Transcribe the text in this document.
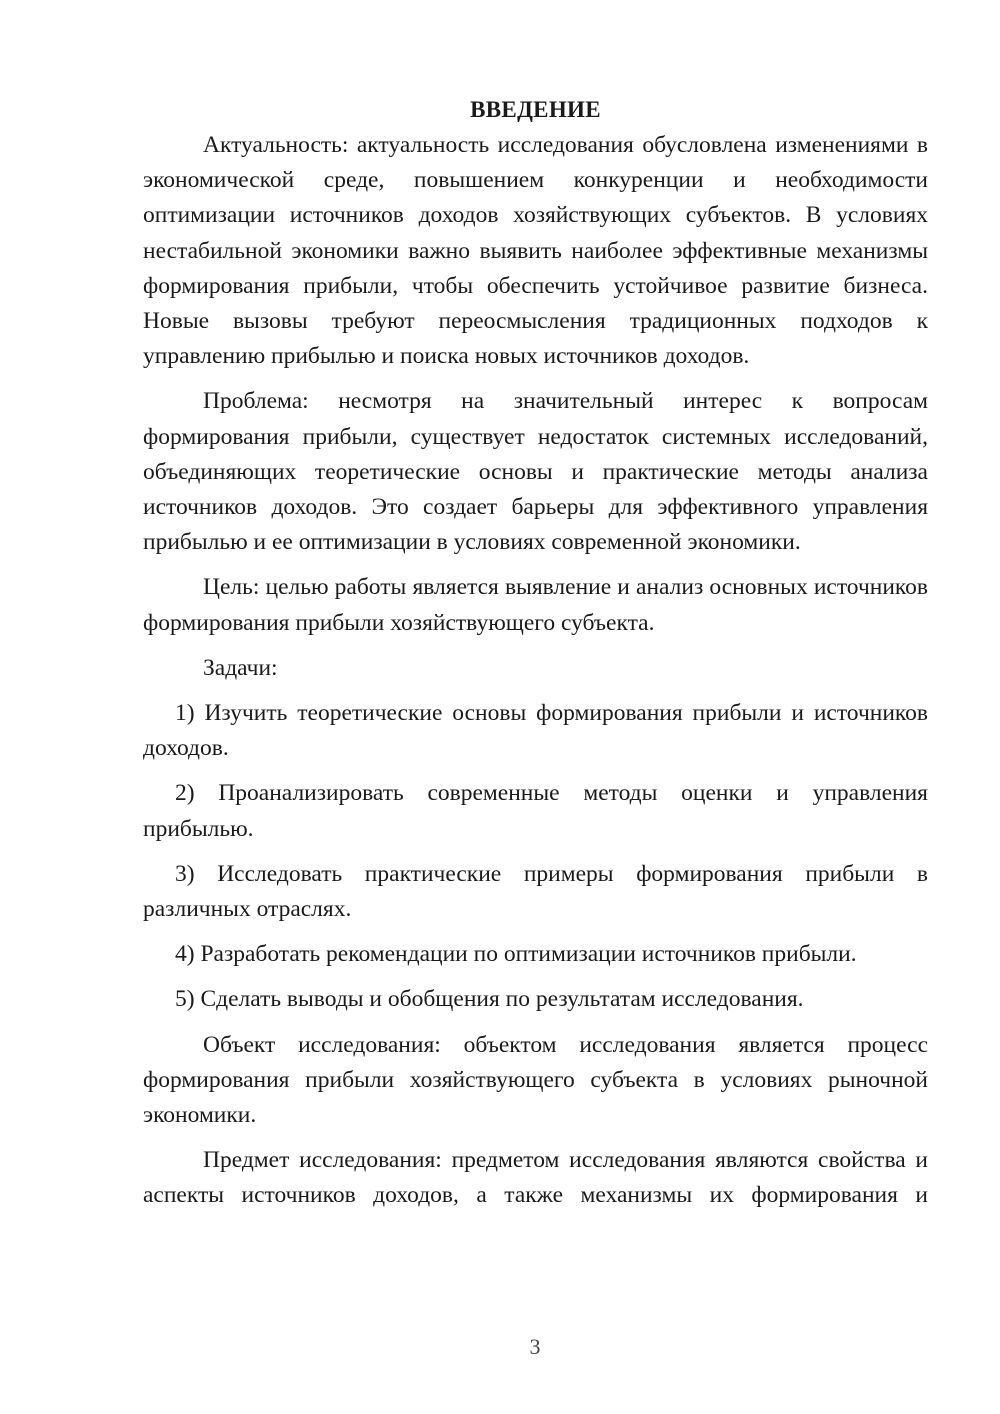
ВВЕДЕНИЕ

Актуальность: актуальность исследования обусловлена изменениями в экономической среде, повышением конкуренции и необходимости оптимизации источников доходов хозяйствующих субъектов. В условиях нестабильной экономики важно выявить наиболее эффективные механизмы формирования прибыли, чтобы обеспечить устойчивое развитие бизнеса. Новые вызовы требуют переосмысления традиционных подходов к управлению прибылью и поиска новых источников доходов.

Проблема: несмотря на значительный интерес к вопросам формирования прибыли, существует недостаток системных исследований, объединяющих теоретические основы и практические методы анализа источников доходов. Это создает барьеры для эффективного управления прибылью и ее оптимизации в условиях современной экономики.

Цель: целью работы является выявление и анализ основных источников формирования прибыли хозяйствующего субъекта.

Задачи:

1) Изучить теоретические основы формирования прибыли и источников доходов.

2) Проанализировать современные методы оценки и управления прибылью.

3) Исследовать практические примеры формирования прибыли в различных отраслях.

4) Разработать рекомендации по оптимизации источников прибыли.

5) Сделать выводы и обобщения по результатам исследования.

Объект исследования: объектом исследования является процесс формирования прибыли хозяйствующего субъекта в условиях рыночной экономики.

Предмет исследования: предметом исследования являются свойства и аспекты источников доходов, а также механизмы их формирования и

3
